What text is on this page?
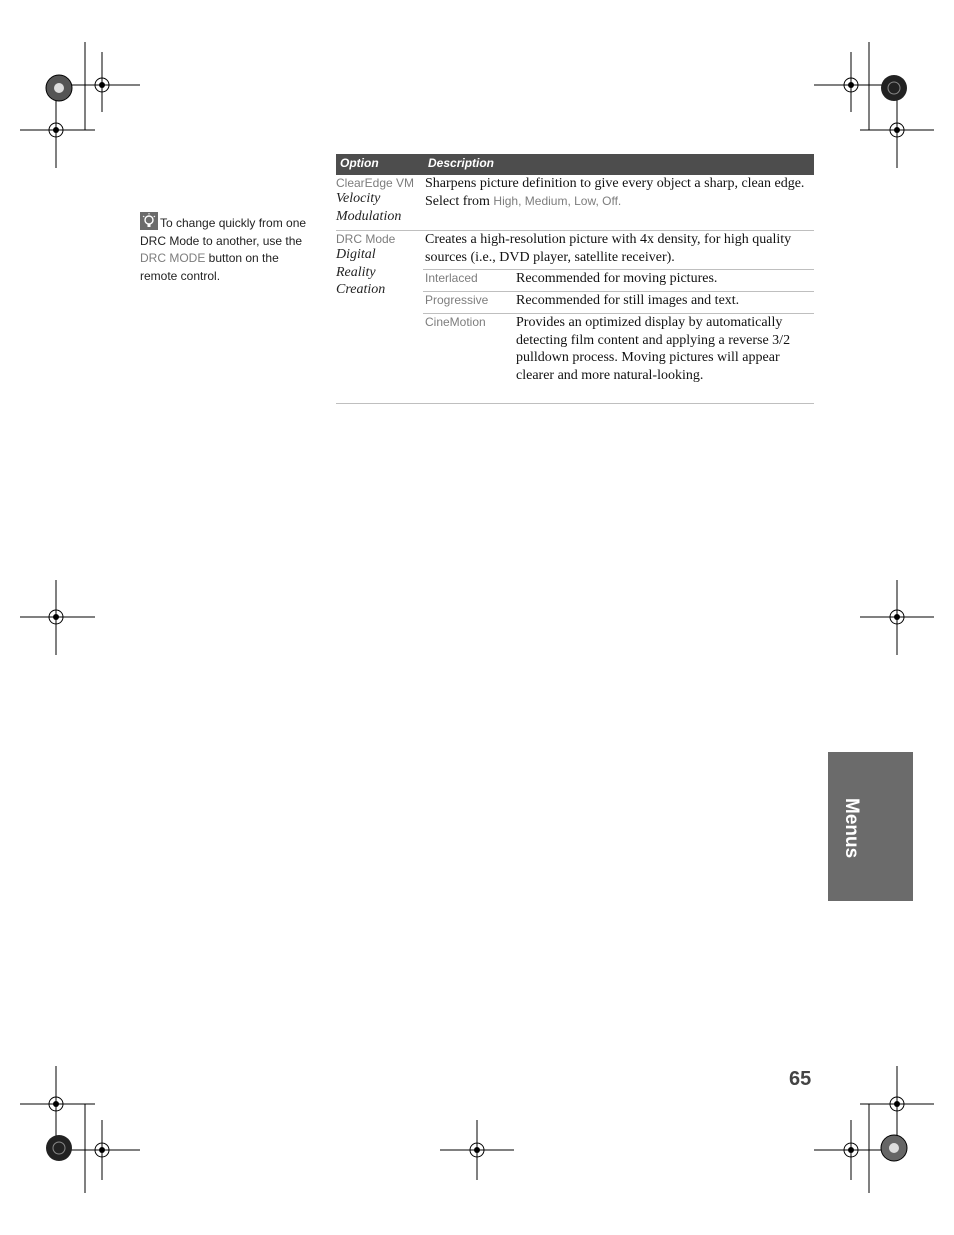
To change quickly from one DRC Mode to another, use the DRC MODE button on the remote control.
Option	Description
ClearEdge VM
Velocity
Modulation
Sharpens picture definition to give every object a sharp, clean edge. Select from High, Medium, Low, Off.
DRC Mode
Digital
Reality
Creation
Creates a high-resolution picture with 4x density, for high quality sources (i.e., DVD player, satellite receiver).
Interlaced	Recommended for moving pictures.
Progressive Recommended for still images and text.
CineMotion Provides an optimized display by automatically detecting film content and applying a reverse 3/2 pulldown process. Moving pictures will appear clearer and more natural-looking.
Menus
65
